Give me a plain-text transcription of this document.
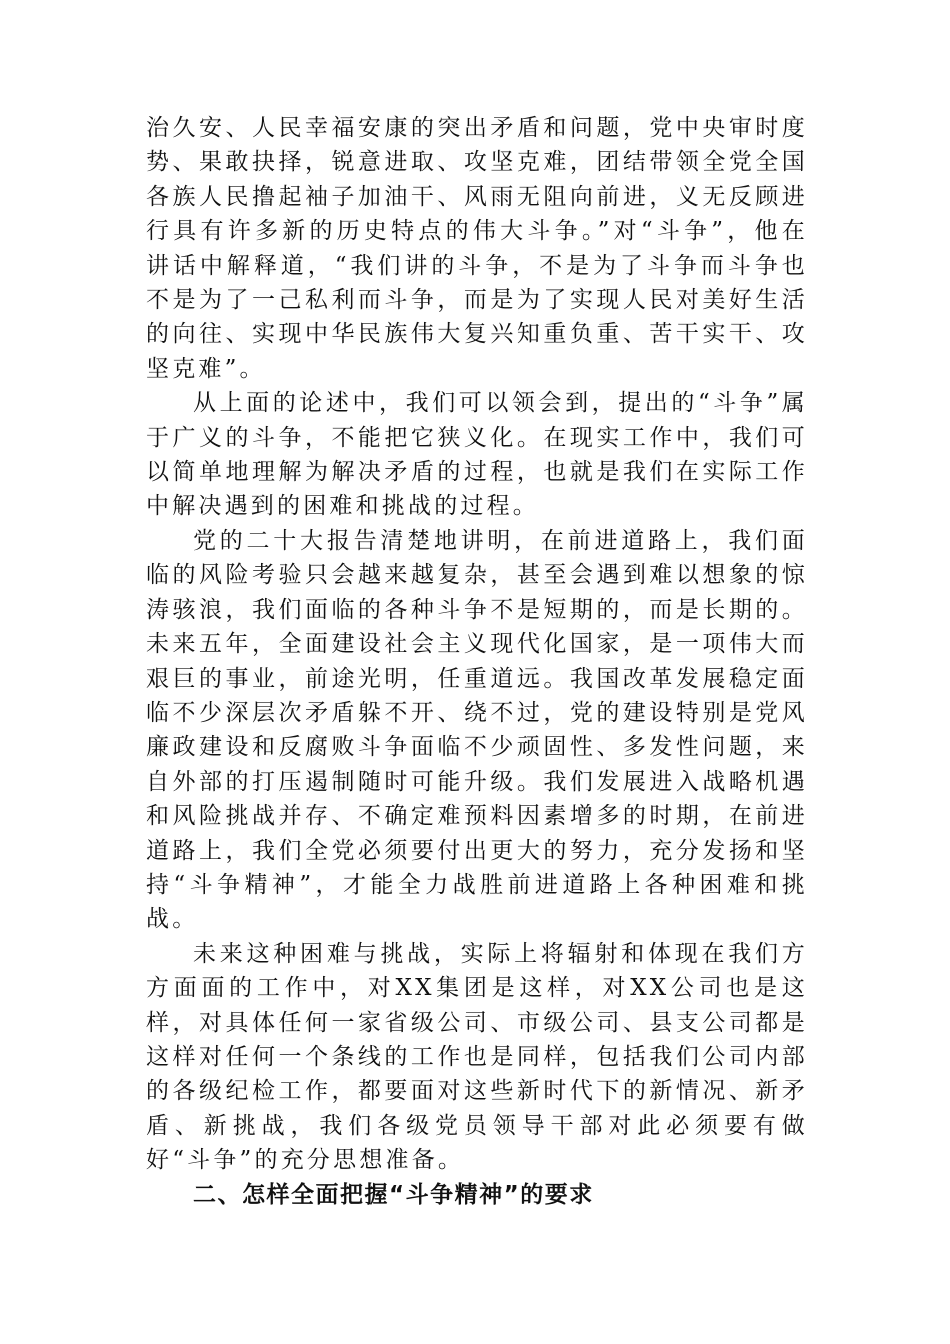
治久安、人民幸福安康的突出矛盾和问题，党中央审时度势、果敢抉择，锐意进取、攻坚克难，团结带领全党全国各族人民撸起袖子加油干、风雨无阻向前进，义无反顾进行具有许多新的历史特点的伟大斗争。”对“斗争”，他在讲话中解释道，“我们讲的斗争，不是为了斗争而斗争也不是为了一己私利而斗争，而是为了实现人民对美好生活的向往、实现中华民族伟大复兴知重负重、苦干实干、攻坚克难”。

从上面的论述中，我们可以领会到，提出的“斗争”属于广义的斗争，不能把它狭义化。在现实工作中，我们可以简单地理解为解决矛盾的过程，也就是我们在实际工作中解决遇到的困难和挑战的过程。

党的二十大报告清楚地讲明，在前进道路上，我们面临的风险考验只会越来越复杂，甚至会遇到难以想象的惊涛骇浪，我们面临的各种斗争不是短期的，而是长期的。未来五年，全面建设社会主义现代化国家，是一项伟大而艰巨的事业，前途光明，任重道远。我国改革发展稳定面临不少深层次矛盾躲不开、绕不过，党的建设特别是党风廉政建设和反腐败斗争面临不少顽固性、多发性问题，来自外部的打压遏制随时可能升级。我们发展进入战略机遇和风险挑战并存、不确定难预料因素增多的时期，在前进道路上，我们全党必须要付出更大的努力，充分发扬和坚持“斗争精神”，才能全力战胜前进道路上各种困难和挑战。

未来这种困难与挑战，实际上将辐射和体现在我们方方面面的工作中，对XX集团是这样，对XX公司也是这样，对具体任何一家省级公司、市级公司、县支公司都是这样对任何一个条线的工作也是同样，包括我们公司内部的各级纪检工作，都要面对这些新时代下的新情况、新矛盾、新挑战，我们各级党员领导干部对此必须要有做好“斗争”的充分思想准备。

二、怎样全面把握“斗争精神”的要求
